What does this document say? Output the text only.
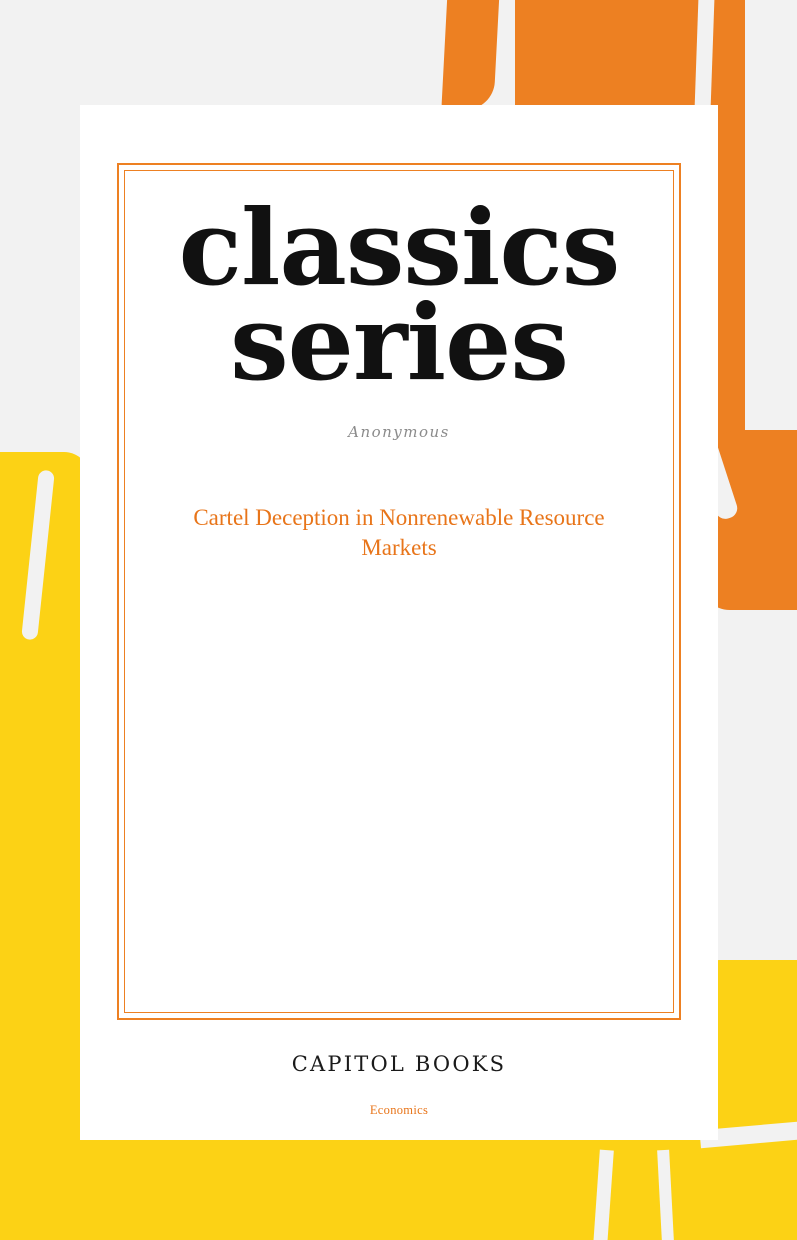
classics
series
Anonymous
Cartel Deception in Nonrenewable Resource Markets
CAPITOL BOOKS
Economics
